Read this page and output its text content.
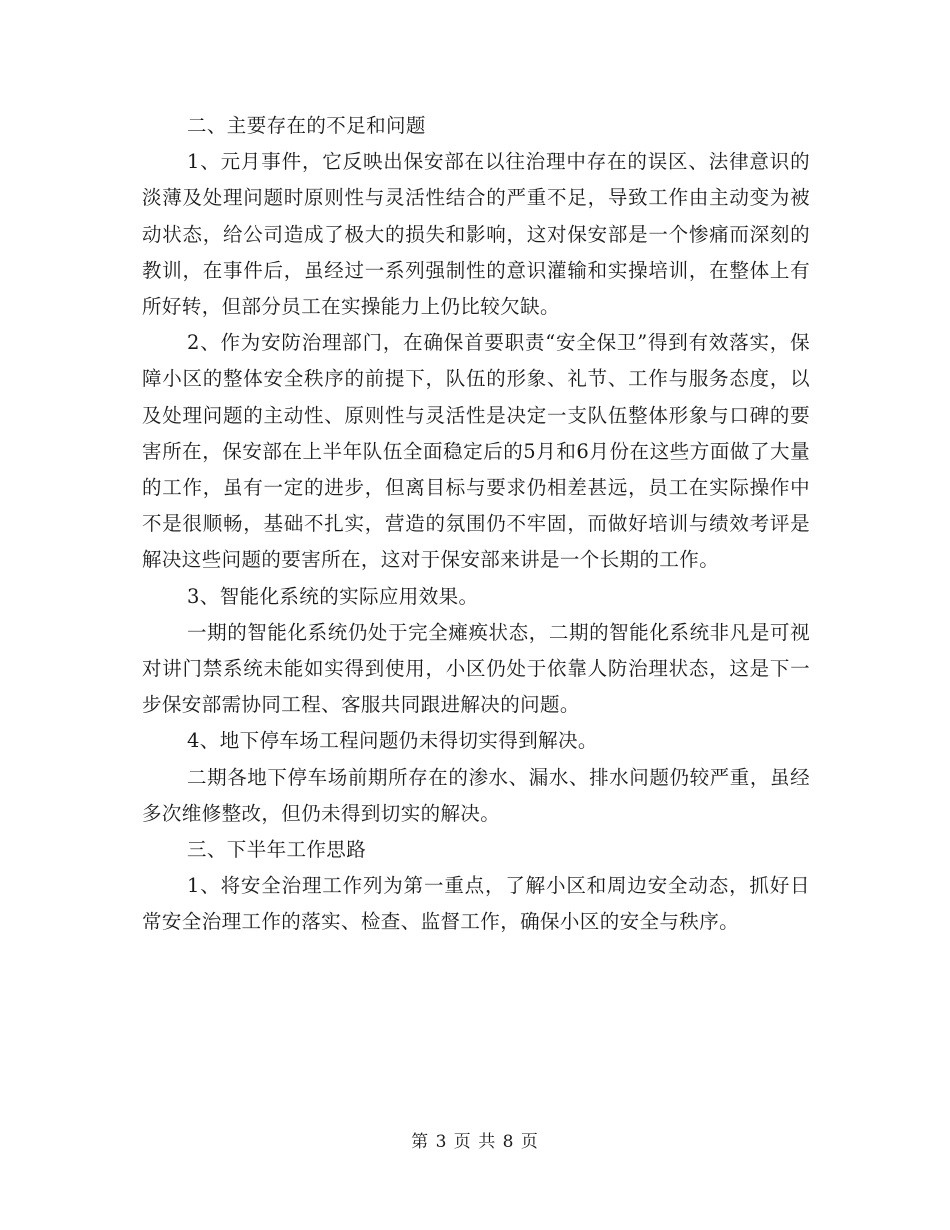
二、主要存在的不足和问题

1、元月事件，它反映出保安部在以往治理中存在的误区、法律意识的淡薄及处理问题时原则性与灵活性结合的严重不足，导致工作由主动变为被动状态，给公司造成了极大的损失和影响，这对保安部是一个惨痛而深刻的教训，在事件后，虽经过一系列强制性的意识灌输和实操培训，在整体上有所好转，但部分员工在实操能力上仍比较欠缺。

2、作为安防治理部门，在确保首要职责“安全保卫”得到有效落实，保障小区的整体安全秩序的前提下，队伍的形象、礼节、工作与服务态度，以及处理问题的主动性、原则性与灵活性是决定一支队伍整体形象与口碑的要害所在，保安部在上半年队伍全面稳定后的5月和6月份在这些方面做了大量的工作，虽有一定的进步，但离目标与要求仍相差甚远，员工在实际操作中不是很顺畅，基础不扎实，营造的氛围仍不牢固，而做好培训与绩效考评是解决这些问题的要害所在，这对于保安部来讲是一个长期的工作。

3、智能化系统的实际应用效果。

一期的智能化系统仍处于完全瘫痪状态，二期的智能化系统非凡是可视对讲门禁系统未能如实得到使用，小区仍处于依靠人防治理状态，这是下一步保安部需协同工程、客服共同跟进解决的问题。

4、地下停车场工程问题仍未得切实得到解决。

二期各地下停车场前期所存在的渗水、漏水、排水问题仍较严重，虽经多次维修整改，但仍未得到切实的解决。

三、下半年工作思路

1、将安全治理工作列为第一重点，了解小区和周边安全动态，抓好日常安全治理工作的落实、检查、监督工作，确保小区的安全与秩序。

第 3 页 共 8 页
